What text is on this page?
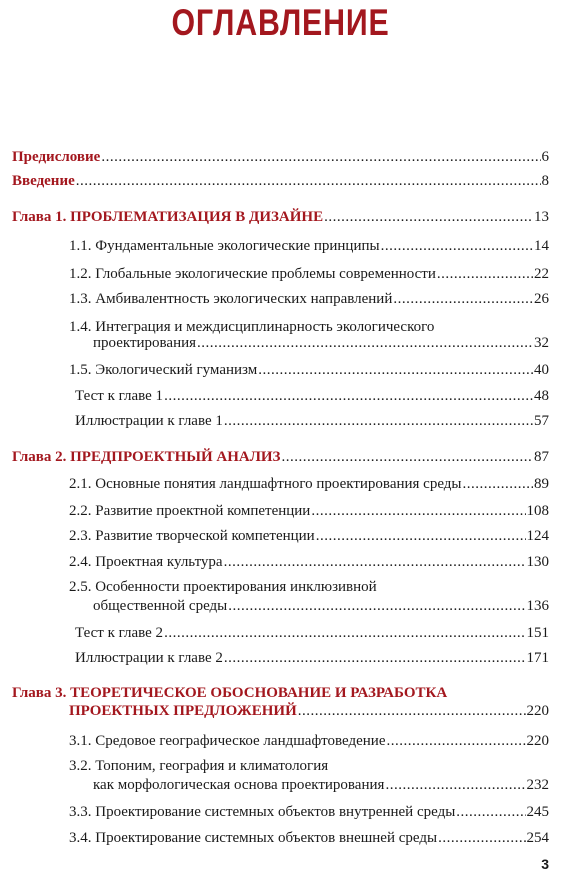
ОГЛАВЛЕНИЕ
Предисловие .....	6
Введение .....	8
Глава 1. ПРОБЛЕМАТИЗАЦИЯ В ДИЗАЙНЕ .....	13
1.1. Фундаментальные экологические принципы .....	14
1.2. Глобальные экологические проблемы современности .....	22
1.3. Амбивалентность экологических направлений .....	26
1.4. Интеграция и междисциплинарность экологического
проектирования .....	32
1.5. Экологический гуманизм .....	40
Тест к главе 1 .....	48
Иллюстрации к главе 1 .....	57
Глава 2. ПРЕДПРОЕКТНЫЙ АНАЛИЗ .....	87
2.1. Основные понятия ландшафтного проектирования среды .....	89
2.2. Развитие проектной компетенции .....	108
2.3. Развитие творческой компетенции .....	124
2.4. Проектная культура .....	130
2.5. Особенности проектирования инклюзивной
общественной среды .....	136
Тест к главе 2 .....	151
Иллюстрации к главе 2 .....	171
Глава 3. ТЕОРЕТИЧЕСКОЕ ОБОСНОВАНИЕ И РАЗРАБОТКА
ПРОЕКТНЫХ ПРЕДЛОЖЕНИЙ .....	220
3.1. Средовое географическое ландшафтоведение .....	220
3.2. Топоним, география и климатология
как морфологическая основа проектирования .....	232
3.3. Проектирование системных объектов внутренней среды .....	245
3.4. Проектирование системных объектов внешней среды .....	254
3
